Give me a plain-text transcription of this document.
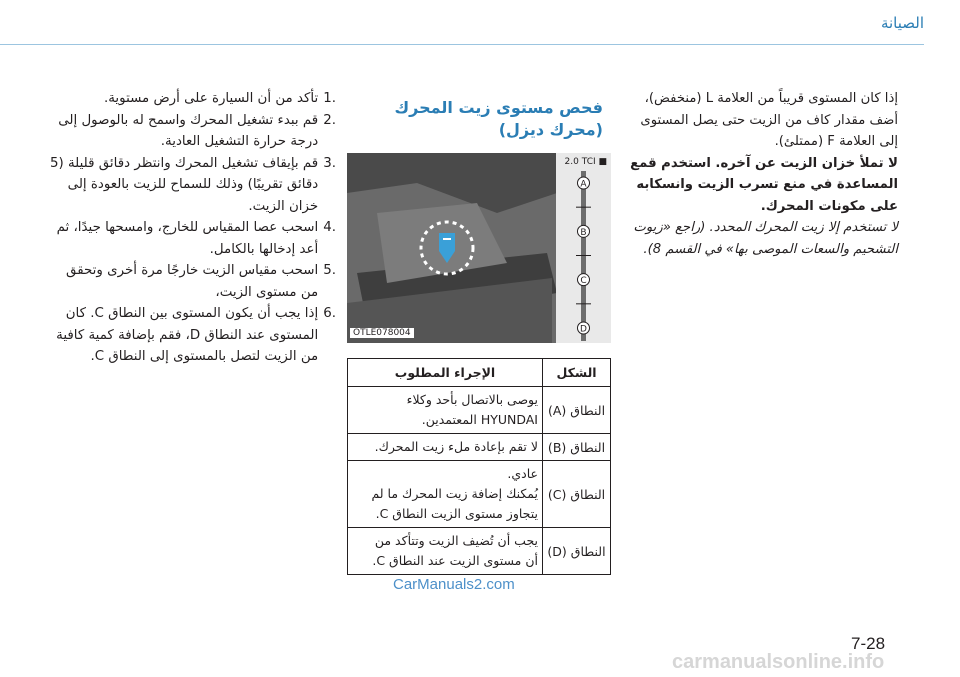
الصيانة
.1
تأكد من أن السيارة على أرض مستوية.
.2
قم ببدء تشغيل المحرك واسمح له بالوصول إلى درجة حرارة التشغيل العادية.
.3
قم بإيقاف تشغيل المحرك وانتظر دقائق قليلة (5 دقائق تقريبًا) وذلك للسماح للزيت بالعودة إلى خزان الزيت.
.4
اسحب عصا المقياس للخارج، وامسحها جيدًا، ثم أعد إدخالها بالكامل.
.5
اسحب مقياس الزيت خارجًا مرة أخرى وتحقق من مستوى الزيت،
.6
إذا يجب أن يكون المستوى بين النطاق C. كان المستوى عند النطاق D، فقم بإضافة كمية كافية من الزيت لتصل بالمستوى إلى النطاق C.
فحص مستوى زيت المحرك (محرك ديزل)
A
B
C
D
2.0 TCI ■
OTLE078004
الشكل	الإجراء المطلوب
النطاق (A)	يوصى بالاتصال بأحد وكلاء
HYUNDAI المعتمدين.

النطاق (B)	لا تقم بإعادة ملء زيت المحرك.

النطاق (C)	عادي.
يُمكنك إضافة زيت المحرك ما لم
يتجاوز مستوى الزيت النطاق C.

النطاق (D)	يجب أن تُضيف الزيت وتتأكد من
أن مستوى الزيت عند النطاق C.

إذا كان المستوى قريباً من العلامة L (منخفض)، أضف مقدار كاف من الزيت حتى يصل المستوى إلى العلامة F (ممتلئ).

لا تملأ خزان الزيت عن آخره. استخدم قمع المساعدة في منع تسرب الزيت وانسكابه على مكونات المحرك.

لا تستخدم إلا زيت المحرك المحدد. (راجع «زيوت التشحيم والسعات الموصى بها» في القسم 8).

CarManuals2.com
7-28
carmanualsonline.info
